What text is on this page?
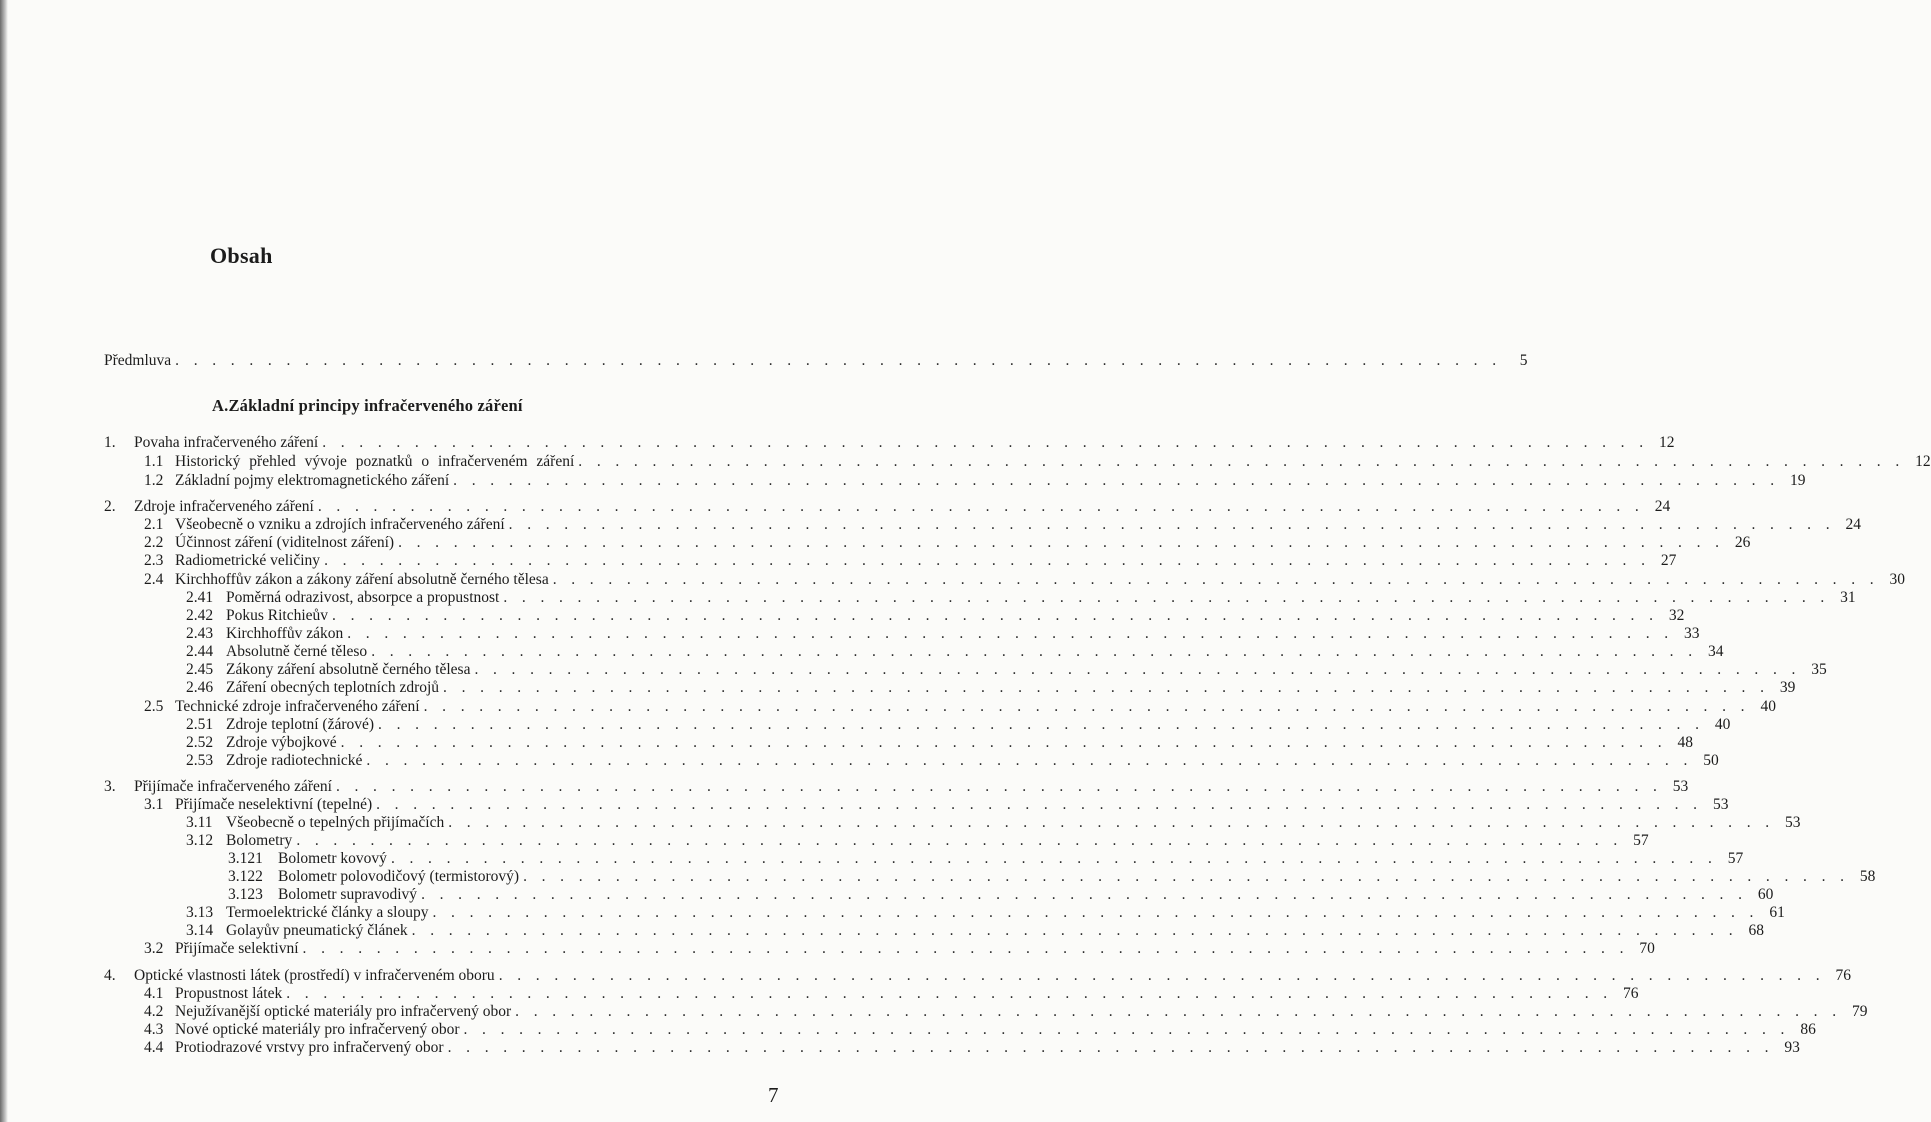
Obsah
Předmluva . . . . . . . . . . . . . . . . . . . . . . . . . . . . . . . . . . . . . . . . . . . . . . . . . . . . . . . . . . . . . . . . . . . . . . . .	5
A.Základní principy infračerveného záření
1.	Povaha infračerveného záření . . . . . . . . . . . . . . . . . . . . . . . . . . . . . . . . . . . . . . . . . . . . . . . . . . . . . . . . . . . . . . . . . . . . . . . . 12
1.1 Historický přehled vývoje poznatků o infračerveném záření . . . . . . . . . . . . . . . . . . . . . . . . . . . . . . . . . . . . . . . . . . . . . . . . . . . . . . . . . . . . . . . . . . . . . . . . 12
1.2 Základní pojmy elektromagnetického záření . . . . . . . . . . . . . . . . . . . . . . . . . . . . . . . . . . . . . . . . . . . . . . . . . . . . . . . . . . . . . . . . . . . . . . . . 19
2.	Zdroje infračerveného záření . . . . . . . . . . . . . . . . . . . . . . . . . . . . . . . . . . . . . . . . . . . . . . . . . . . . . . . . . . . . . . . . . . . . . . . . 24
2.1 Všeobecně o vzniku a zdrojích infračerveného záření . . . . . . . . . . . . . . . . . . . . . . . . . . . . . . . . . . . . . . . . . . . . . . . . . . . . . . . . . . . . . . . . . . . . . . . . 24
2.2 Účinnost záření (viditelnost záření) . . . . . . . . . . . . . . . . . . . . . . . . . . . . . . . . . . . . . . . . . . . . . . . . . . . . . . . . . . . . . . . . . . . . . . . . 26
2.3 Radiometrické veličiny . . . . . . . . . . . . . . . . . . . . . . . . . . . . . . . . . . . . . . . . . . . . . . . . . . . . . . . . . . . . . . . . . . . . . . . . 27
2.4 Kirchhoffův zákon a zákony záření absolutně černého tělesa . . . . . . . . . . . . . . . . . . . . . . . . . . . . . . . . . . . . . . . . . . . . . . . . . . . . . . . . . . . . . . . . . . . . . . . . 30
2.41 Poměrná odrazivost, absorpce a propustnost . . . . . . . . . . . . . . . . . . . . . . . . . . . . . . . . . . . . . . . . . . . . . . . . . . . . . . . . . . . . . . . . . . . . . . . . 31
2.42 Pokus Ritchieův . . . . . . . . . . . . . . . . . . . . . . . . . . . . . . . . . . . . . . . . . . . . . . . . . . . . . . . . . . . . . . . . . . . . . . . . 32
2.43 Kirchhoffův zákon . . . . . . . . . . . . . . . . . . . . . . . . . . . . . . . . . . . . . . . . . . . . . . . . . . . . . . . . . . . . . . . . . . . . . . . . 33
2.44 Absolutně černé těleso . . . . . . . . . . . . . . . . . . . . . . . . . . . . . . . . . . . . . . . . . . . . . . . . . . . . . . . . . . . . . . . . . . . . . . . . 34
2.45 Zákony záření absolutně černého tělesa . . . . . . . . . . . . . . . . . . . . . . . . . . . . . . . . . . . . . . . . . . . . . . . . . . . . . . . . . . . . . . . . . . . . . . . . 35
2.46 Záření obecných teplotních zdrojů . . . . . . . . . . . . . . . . . . . . . . . . . . . . . . . . . . . . . . . . . . . . . . . . . . . . . . . . . . . . . . . . . . . . . . . . 39
2.5 Technické zdroje infračerveného záření . . . . . . . . . . . . . . . . . . . . . . . . . . . . . . . . . . . . . . . . . . . . . . . . . . . . . . . . . . . . . . . . . . . . . . . . 40
2.51 Zdroje teplotní (žárové) . . . . . . . . . . . . . . . . . . . . . . . . . . . . . . . . . . . . . . . . . . . . . . . . . . . . . . . . . . . . . . . . . . . . . . . . 40
2.52 Zdroje výbojkové . . . . . . . . . . . . . . . . . . . . . . . . . . . . . . . . . . . . . . . . . . . . . . . . . . . . . . . . . . . . . . . . . . . . . . . . 48
2.53 Zdroje radiotechnické . . . . . . . . . . . . . . . . . . . . . . . . . . . . . . . . . . . . . . . . . . . . . . . . . . . . . . . . . . . . . . . . . . . . . . . . 50
3.	Přijímače infračerveného záření . . . . . . . . . . . . . . . . . . . . . . . . . . . . . . . . . . . . . . . . . . . . . . . . . . . . . . . . . . . . . . . . . . . . . . . . 53
3.1 Přijímače neselektivní (tepelné) . . . . . . . . . . . . . . . . . . . . . . . . . . . . . . . . . . . . . . . . . . . . . . . . . . . . . . . . . . . . . . . . . . . . . . . . 53
3.11 Všeobecně o tepelných přijímačích . . . . . . . . . . . . . . . . . . . . . . . . . . . . . . . . . . . . . . . . . . . . . . . . . . . . . . . . . . . . . . . . . . . . . . . . 53
3.12 Bolometry . . . . . . . . . . . . . . . . . . . . . . . . . . . . . . . . . . . . . . . . . . . . . . . . . . . . . . . . . . . . . . . . . . . . . . . . 57
3.121 Bolometr kovový . . . . . . . . . . . . . . . . . . . . . . . . . . . . . . . . . . . . . . . . . . . . . . . . . . . . . . . . . . . . . . . . . . . . . . . . 57
3.122 Bolometr polovodičový (termistorový) . . . . . . . . . . . . . . . . . . . . . . . . . . . . . . . . . . . . . . . . . . . . . . . . . . . . . . . . . . . . . . . . . . . . . . . . 58
3.123 Bolometr supravodivý . . . . . . . . . . . . . . . . . . . . . . . . . . . . . . . . . . . . . . . . . . . . . . . . . . . . . . . . . . . . . . . . . . . . . . . . 60
3.13 Termoelektrické články a sloupy . . . . . . . . . . . . . . . . . . . . . . . . . . . . . . . . . . . . . . . . . . . . . . . . . . . . . . . . . . . . . . . . . . . . . . . . 61
3.14 Golayův pneumatický článek . . . . . . . . . . . . . . . . . . . . . . . . . . . . . . . . . . . . . . . . . . . . . . . . . . . . . . . . . . . . . . . . . . . . . . . . 68
3.2 Přijímače selektivní . . . . . . . . . . . . . . . . . . . . . . . . . . . . . . . . . . . . . . . . . . . . . . . . . . . . . . . . . . . . . . . . . . . . . . . . 70
4.	Optické vlastnosti látek (prostředí) v infračerveném oboru . . . . . . . . . . . . . . . . . . . . . . . . . . . . . . . . . . . . . . . . . . . . . . . . . . . . . . . . . . . . . . . . . . . . . . . . 76
4.1 Propustnost látek . . . . . . . . . . . . . . . . . . . . . . . . . . . . . . . . . . . . . . . . . . . . . . . . . . . . . . . . . . . . . . . . . . . . . . . . 76
4.2 Nejužívanější optické materiály pro infračervený obor . . . . . . . . . . . . . . . . . . . . . . . . . . . . . . . . . . . . . . . . . . . . . . . . . . . . . . . . . . . . . . . . . . . . . . . . 79
4.3 Nové optické materiály pro infračervený obor . . . . . . . . . . . . . . . . . . . . . . . . . . . . . . . . . . . . . . . . . . . . . . . . . . . . . . . . . . . . . . . . . . . . . . . . 86
4.4 Protiodrazové vrstvy pro infračervený obor . . . . . . . . . . . . . . . . . . . . . . . . . . . . . . . . . . . . . . . . . . . . . . . . . . . . . . . . . . . . . . . . . . . . . . . . 93

7
